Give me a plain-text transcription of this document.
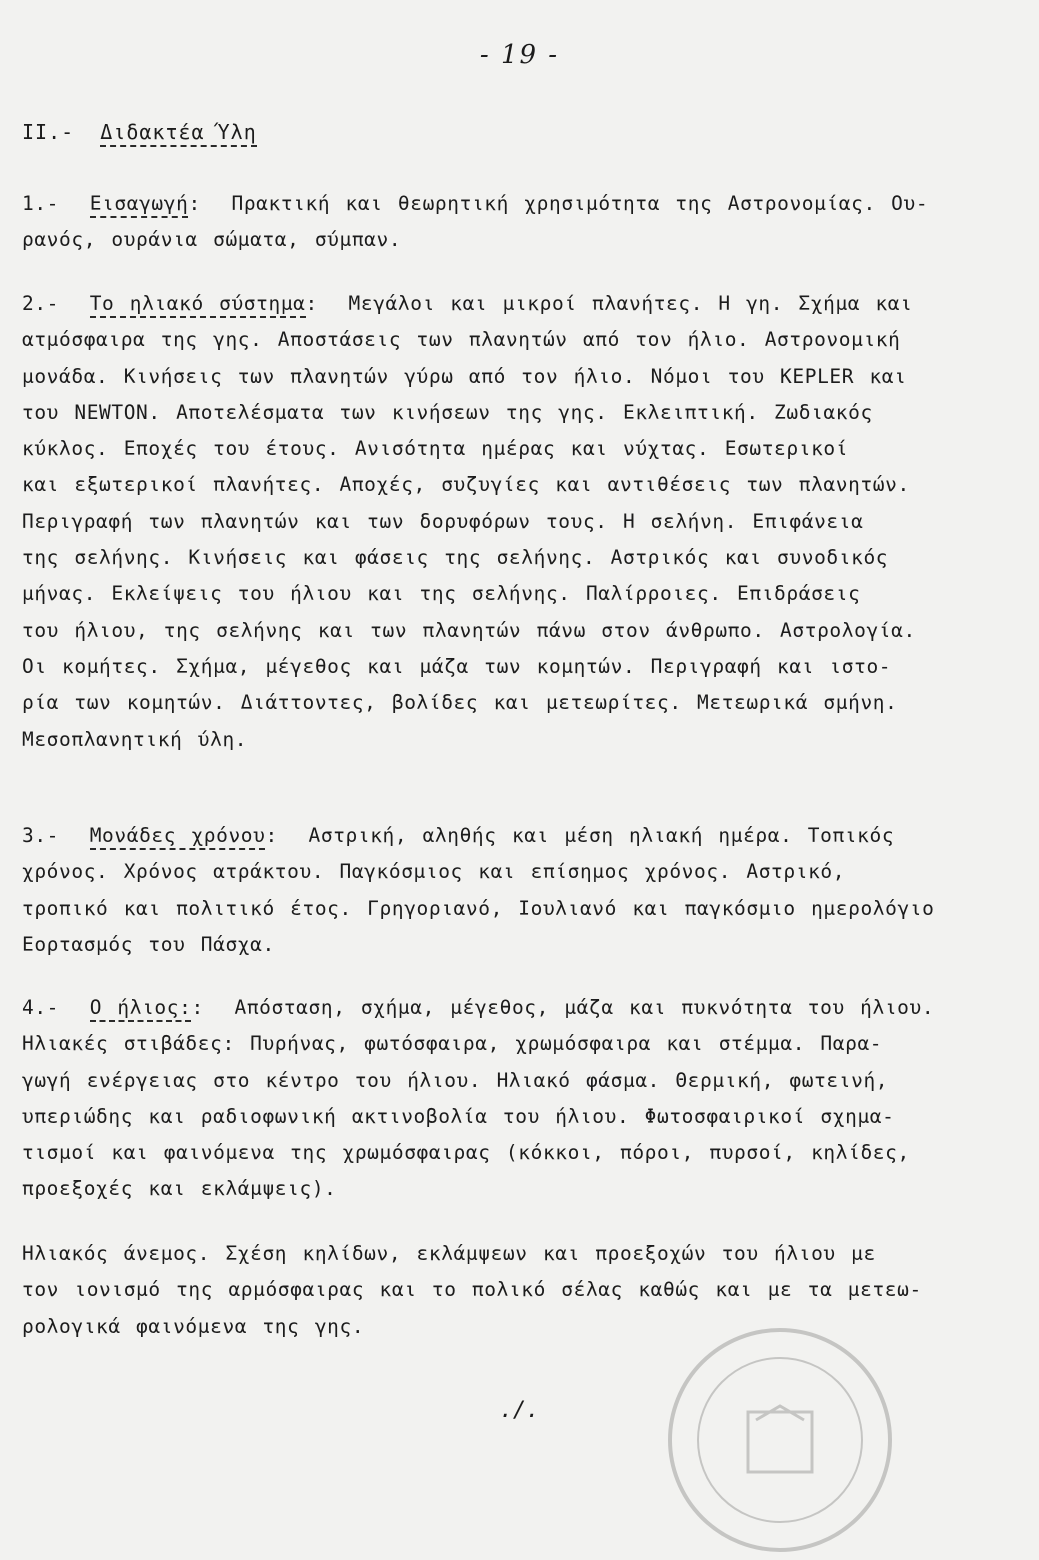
- 19 -
II.- Διδακτέα Ύλη
1.- Εισαγωγή:  Πρακτική και θεωρητική χρησιμότητα της Αστρονομίας. Ου-
ρανός, ουράνια σώματα, σύμπαν.
2.- Το ηλιακό σύστημα:  Μεγάλοι και μικροί πλανήτες. Η γη. Σχήμα και
ατμόσφαιρα της γης. Αποστάσεις των πλανητών από τον ήλιο. Αστρονομική
μονάδα. Κινήσεις των πλανητών γύρω από τον ήλιο. Νόμοι του KEPLER και
του NEWTON. Αποτελέσματα των κινήσεων της γης. Εκλειπτική. Ζωδιακός
κύκλος. Εποχές του έτους. Ανισότητα ημέρας και νύχτας. Εσωτερικοί
και εξωτερικοί πλανήτες. Αποχές, συζυγίες και αντιθέσεις των πλανητών.
Περιγραφή των πλανητών και των δορυφόρων τους. Η σελήνη. Επιφάνεια
της σελήνης. Κινήσεις και φάσεις της σελήνης. Αστρικός και συνοδικός
μήνας. Εκλείψεις του ήλιου και της σελήνης. Παλίρροιες. Επιδράσεις
του ήλιου, της σελήνης και των πλανητών πάνω στον άνθρωπο. Αστρολογία.
Οι κομήτες. Σχήμα, μέγεθος και μάζα των κομητών. Περιγραφή και ιστο-
ρία των κομητών. Διάττοντες, βολίδες και μετεωρίτες. Μετεωρικά σμήνη.
Μεσοπλανητική ύλη.
3.- Μονάδες χρόνου:  Αστρική, αληθής και μέση ηλιακή ημέρα. Τοπικός
χρόνος. Χρόνος ατράκτου. Παγκόσμιος και επίσημος χρόνος. Αστρικό,
τροπικό και πολιτικό έτος. Γρηγοριανό, Ιουλιανό και παγκόσμιο ημερολόγιο
Εορτασμός του Πάσχα.
4.- Ο ήλιος::  Απόσταση, σχήμα, μέγεθος, μάζα και πυκνότητα του ήλιου.
Ηλιακές στιβάδες: Πυρήνας, φωτόσφαιρα, χρωμόσφαιρα και στέμμα. Παρα-
γωγή ενέργειας στο κέντρο του ήλιου. Ηλιακό φάσμα. Θερμική, φωτεινή,
υπεριώδης και ραδιοφωνική ακτινοβολία του ήλιου. Φωτοσφαιρικοί σχημα-
τισμοί και φαινόμενα της χρωμόσφαιρας (κόκκοι, πόροι, πυρσοί, κηλίδες,
προεξοχές και εκλάμψεις).
Ηλιακός άνεμος. Σχέση κηλίδων, εκλάμψεων και προεξοχών του ήλιου με
τον ιονισμό της αρμόσφαιρας και το πολικό σέλας καθώς και με τα μετεω-
ρολογικά φαινόμενα της γης.
./.
